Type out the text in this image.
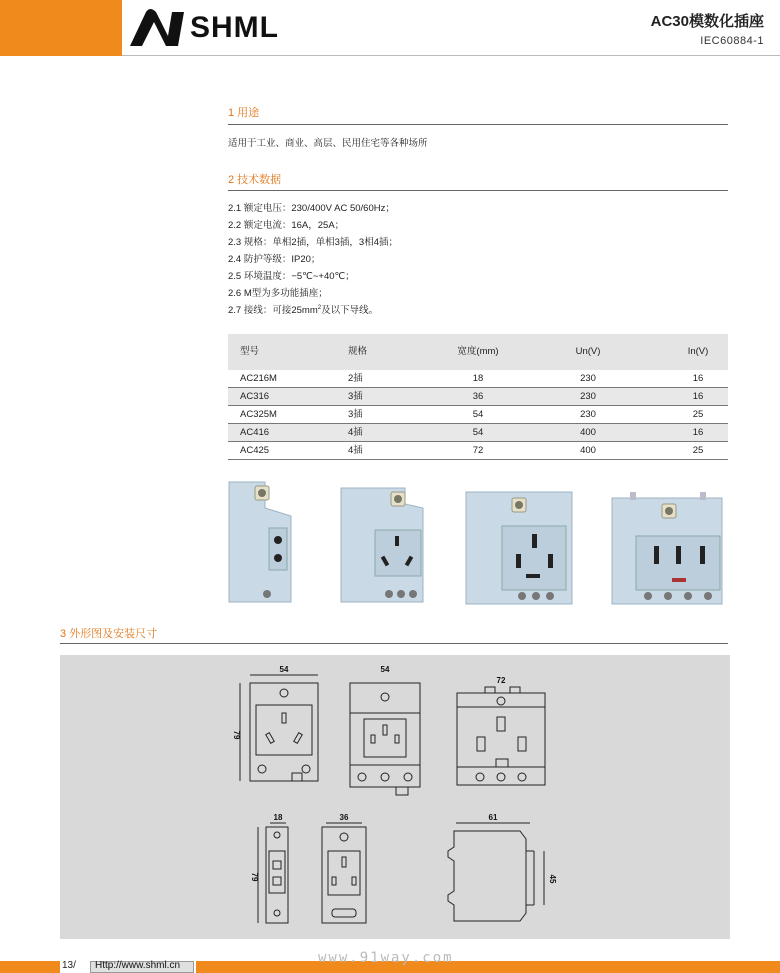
SHML	AC30模数化插座
IEC60884-1
1 用途
适用于工业、商业、高层、民用住宅等各种场所
2 技术数据
2.1 额定电压：230/400V AC 50/60Hz；
2.2 额定电流：16A，25A；
2.3 规格：单相2插，单相3插，3相4插；
2.4 防护等级：IP20；
2.5 环境温度：−5℃~+40℃；
2.6 M型为多功能插座；
2.7 接线：可接$25mm^2$及以下导线。
型号	规格	宽度(mm)	Un(V)	In(V)
AC216M	2插	18	230	16
AC316	3插	36	230	16
AC325M	3插	54	230	25
AC416	4插	54	400	16
AC425	4插	72	400	25
3 外形图及安装尺寸
54
79
54
72
18
79
36	61
45
13/ Http://www.shml.cn	www.91way.com
